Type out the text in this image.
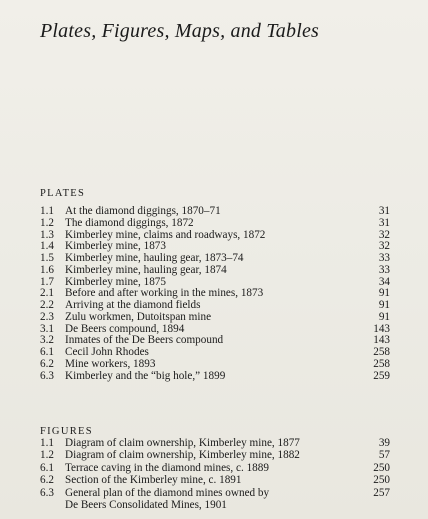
Plates, Figures, Maps, and Tables
PLATES
1.1 At the diamond diggings, 1870–71	31
1.2 The diamond diggings, 1872	31
1.3 Kimberley mine, claims and roadways, 1872	32
1.4 Kimberley mine, 1873	32
1.5 Kimberley mine, hauling gear, 1873–74	33
1.6 Kimberley mine, hauling gear, 1874	33
1.7 Kimberley mine, 1875	34
2.1 Before and after working in the mines, 1873	91
2.2 Arriving at the diamond fields	91
2.3 Zulu workmen, Dutoitspan mine	91
3.1 De Beers compound, 1894	143
3.2 Inmates of the De Beers compound	143
6.1 Cecil John Rhodes	258
6.2 Mine workers, 1893	258
6.3 Kimberley and the “big hole,” 1899	259
FIGURES
1.1 Diagram of claim ownership, Kimberley mine, 1877	39
1.2 Diagram of claim ownership, Kimberley mine, 1882	57
6.1 Terrace caving in the diamond mines, c. 1889	250
6.2 Section of the Kimberley mine, c. 1891	250
6.3 General plan of the diamond mines owned by	257
De Beers Consolidated Mines, 1901
